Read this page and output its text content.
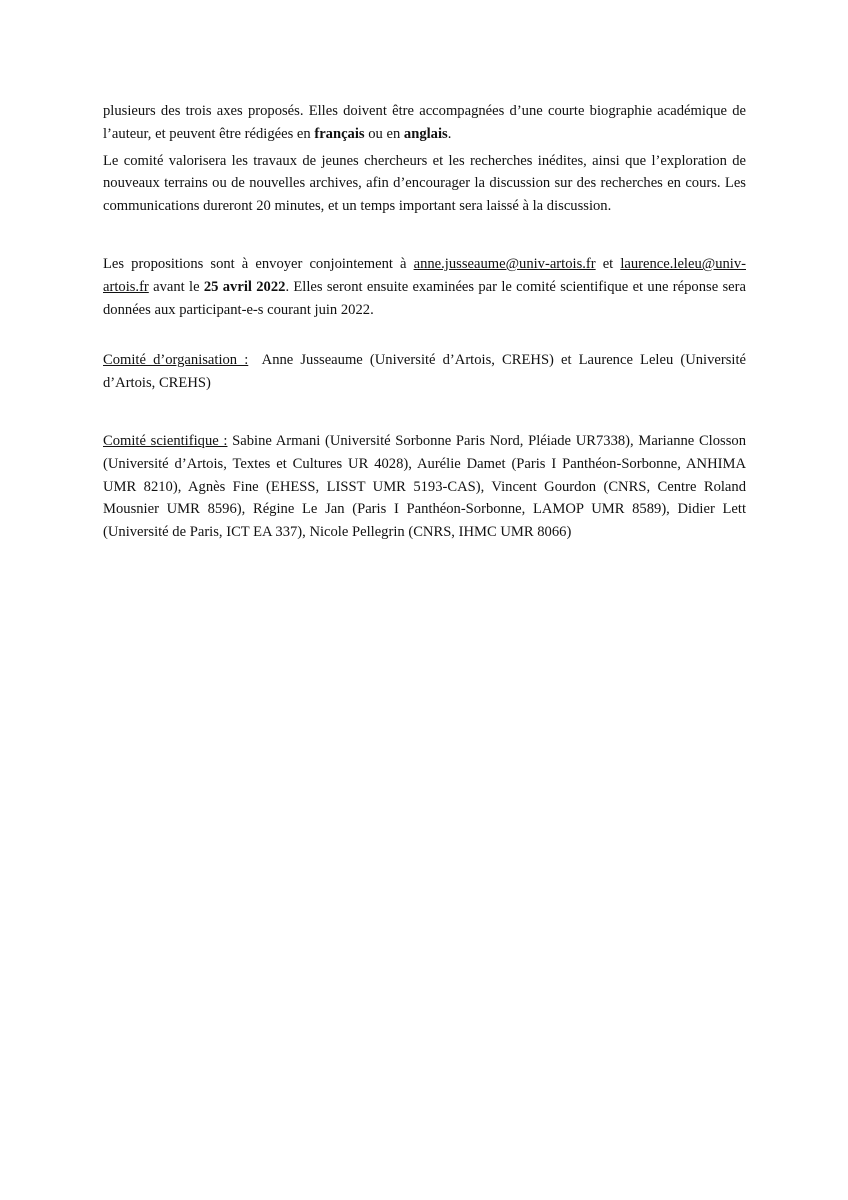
plusieurs des trois axes proposés. Elles doivent être accompagnées d’une courte biographie académique de l’auteur, et peuvent être rédigées en français ou en anglais.

Le comité valorisera les travaux de jeunes chercheurs et les recherches inédites, ainsi que l’exploration de nouveaux terrains ou de nouvelles archives, afin d’encourager la discussion sur des recherches en cours. Les communications dureront 20 minutes, et un temps important sera laissé à la discussion.

Les propositions sont à envoyer conjointement à anne.jusseaume@univ-artois.fr et laurence.leleu@univ-artois.fr avant le 25 avril 2022. Elles seront ensuite examinées par le comité scientifique et une réponse sera données aux participant-e-s courant juin 2022.

Comité d’organisation :  Anne Jusseaume (Université d’Artois, CREHS) et Laurence Leleu (Université d’Artois, CREHS)

Comité scientifique : Sabine Armani (Université Sorbonne Paris Nord, Pléiade UR7338), Marianne Closson (Université d’Artois, Textes et Cultures UR 4028), Aurélie Damet (Paris I Panthéon-Sorbonne, ANHIMA UMR 8210), Agnès Fine (EHESS, LISST UMR 5193-CAS), Vincent Gourdon (CNRS, Centre Roland Mousnier UMR 8596), Régine Le Jan (Paris I Panthéon-Sorbonne, LAMOP UMR 8589), Didier Lett (Université de Paris, ICT EA 337), Nicole Pellegrin (CNRS, IHMC UMR 8066)
